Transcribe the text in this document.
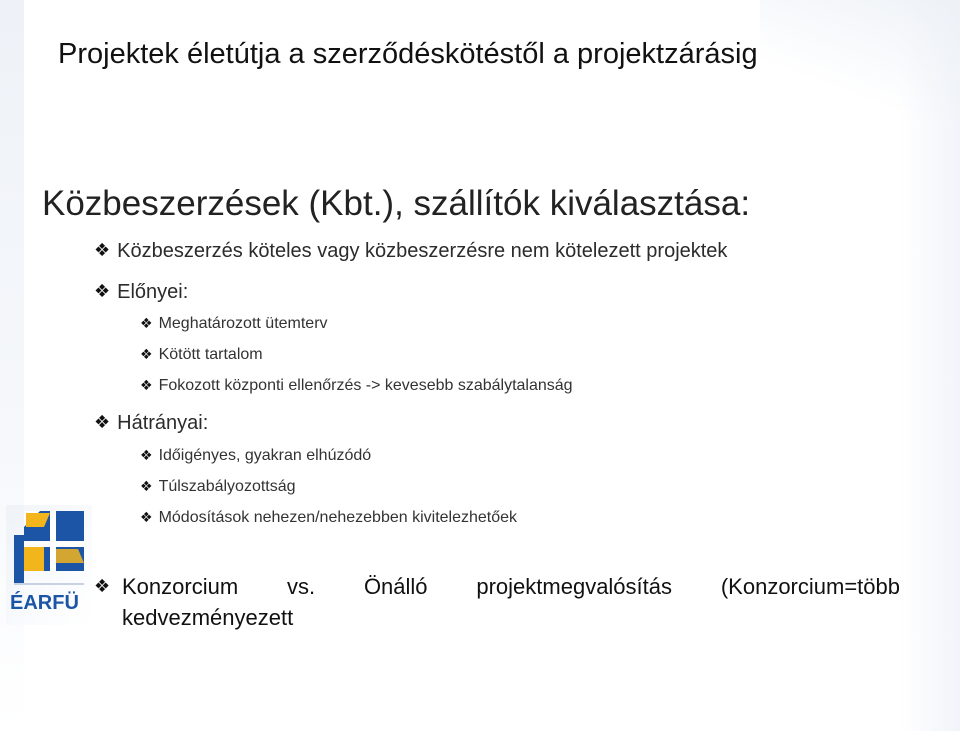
Projektek életútja a szerződéskötéstől a projektzárásig
Közbeszerzések (Kbt.), szállítók kiválasztása:
❖ Közbeszerzés köteles vagy közbeszerzésre nem kötelezett projektek
❖ Előnyei:
❖ Meghatározott ütemterv
❖ Kötött tartalom
❖ Fokozott központi ellenőrzés -> kevesebb szabálytalanság
❖ Hátrányai:
❖ Időigényes, gyakran elhúzódó
❖ Túlszabályozottság
❖ Módosítások nehezen/nehezebben kivitelezhetőek
❖ Konzorcium vs. Önálló projektmegvalósítás (Konzorcium=több
kedvezményezett
ÉARFÜ
